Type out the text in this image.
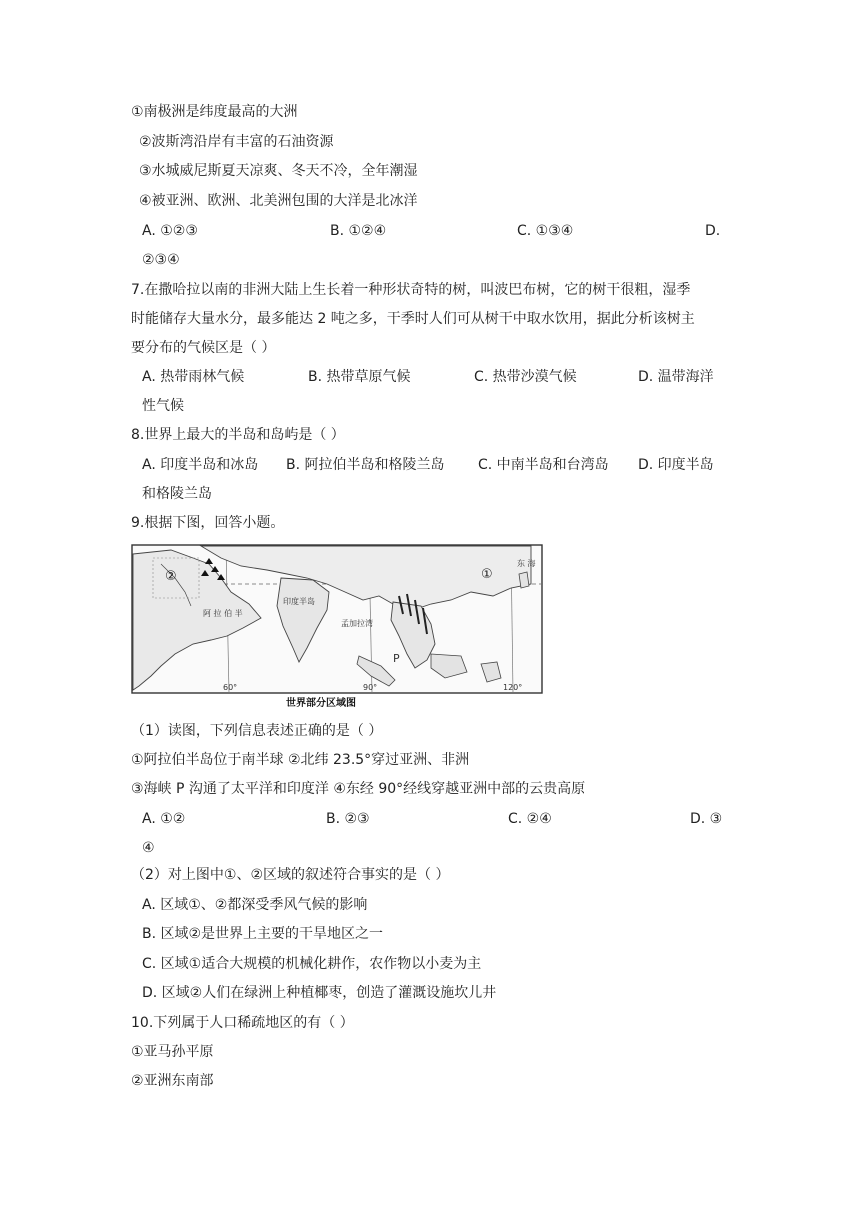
①南极洲是纬度最高的大洲
②波斯湾沿岸有丰富的石油资源
③水城威尼斯夏天凉爽、冬天不冷，全年潮湿
④被亚洲、欧洲、北美洲包围的大洋是北冰洋
A. ①②③	B. ①②④	C. ①③④	D.
②③④
7.在撒哈拉以南的非洲大陆上生长着一种形状奇特的树，叫波巴布树，它的树干很粗，湿季
时能储存大量水分，最多能达 2 吨之多，干季时人们可从树干中取水饮用，据此分析该树主
要分布的气候区是（ ）
A. 热带雨林气候	B. 热带草原气候	C. 热带沙漠气候	D. 温带海洋
性气候
8.世界上最大的半岛和岛屿是（ ）
A. 印度半岛和冰岛 B. 阿拉伯半岛和格陵兰岛 C. 中南半岛和台湾岛 D. 印度半岛
和格陵兰岛
9.根据下图，回答小题。
②	①
阿 拉 伯 半
印度半岛
孟加拉湾
东 海
P
60°	90°	120°
世界部分区域图
（1）读图，下列信息表述正确的是（ ）
①阿拉伯半岛位于南半球 ②北纬 23.5°穿过亚洲、非洲
③海峡 P 沟通了太平洋和印度洋 ④东经 90°经线穿越亚洲中部的云贵高原
A. ①②	B. ②③	C. ②④	D. ③
④
（2）对上图中①、②区域的叙述符合事实的是（ ）
A. 区域①、②都深受季风气候的影响
B. 区域②是世界上主要的干旱地区之一
C. 区域①适合大规模的机械化耕作，农作物以小麦为主
D. 区域②人们在绿洲上种植椰枣，创造了灌溉设施坎儿井
10.下列属于人口稀疏地区的有（ ）
①亚马孙平原
②亚洲东南部
